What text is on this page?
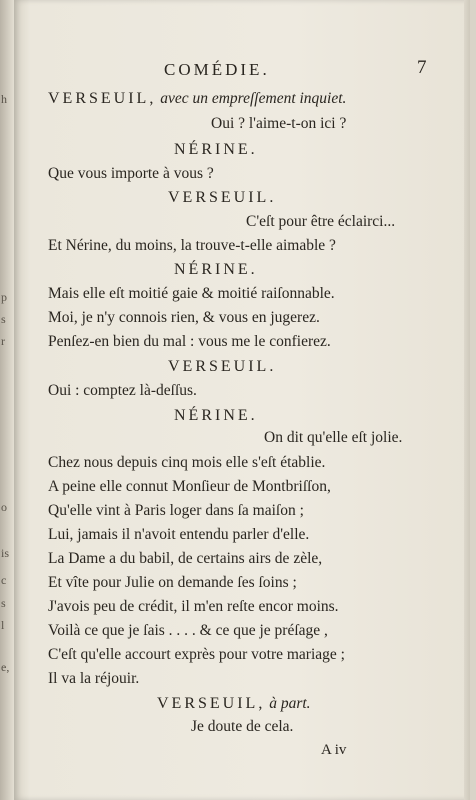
h
p
s
r
o
is
c
s
l
e,
COMÉDIE.	7
VERSEUIL, avec un empreſſement inquiet.
Oui ? l'aime-t-on ici ?
NÉRINE.
Que vous importe à vous ?
VERSEUIL.
C'eſt pour être éclairci...
Et Nérine, du moins, la trouve-t-elle aimable ?
NÉRINE.
Mais elle eſt moitié gaie & moitié raiſonnable.
Moi, je n'y connois rien, & vous en jugerez.
Penſez-en bien du mal : vous me le confierez.
VERSEUIL.
Oui : comptez là-deſſus.
NÉRINE.
On dit qu'elle eſt jolie.
Chez nous depuis cinq mois elle s'eſt établie.
A peine elle connut Monſieur de Montbriſſon,
Qu'elle vint à Paris loger dans ſa maiſon ;
Lui, jamais il n'avoit entendu parler d'elle.
La Dame a du babil, de certains airs de zèle,
Et vîte pour Julie on demande ſes ſoins ;
J'avois peu de crédit, il m'en reſte encor moins.
Voilà ce que je ſais . . . . & ce que je préſage ,
C'eſt qu'elle accourt exprès pour votre mariage ;
Il va la réjouir.
VERSEUIL, à part.
Je doute de cela.
A iv
